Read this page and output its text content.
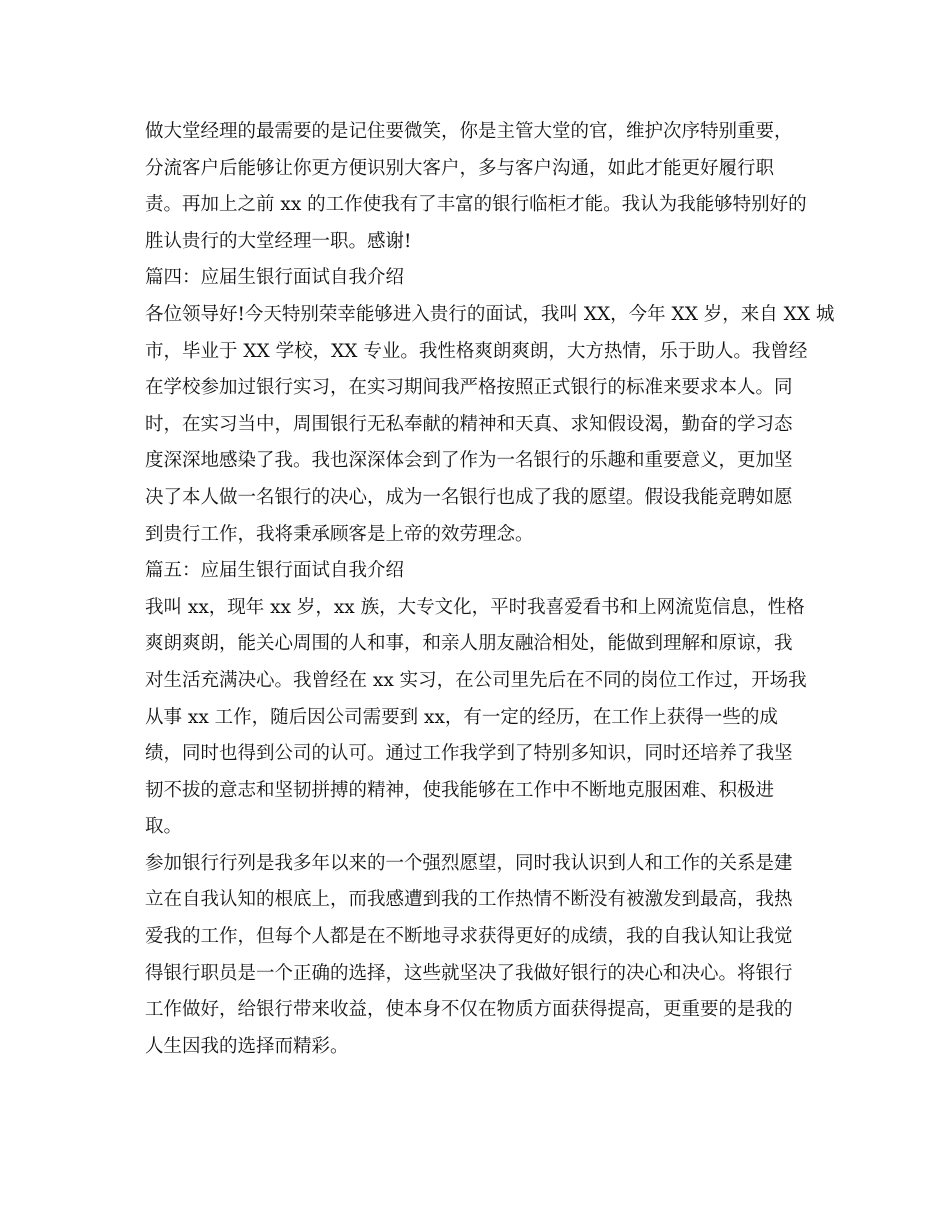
做大堂经理的最需要的是记住要微笑，你是主管大堂的官，维护次序特别重要，
分流客户后能够让你更方便识别大客户，多与客户沟通，如此才能更好履行职
责。再加上之前 xx 的工作使我有了丰富的银行临柜才能。我认为我能够特别好的
胜认贵行的大堂经理一职。感谢!
篇四：应届生银行面试自我介绍
各位领导好!今天特别荣幸能够进入贵行的面试，我叫 XX，今年 XX 岁，来自 XX 城
市，毕业于 XX 学校，XX 专业。我性格爽朗爽朗，大方热情，乐于助人。我曾经
在学校参加过银行实习，在实习期间我严格按照正式银行的标准来要求本人。同
时，在实习当中，周围银行无私奉献的精神和天真、求知假设渴，勤奋的学习态
度深深地感染了我。我也深深体会到了作为一名银行的乐趣和重要意义，更加坚
决了本人做一名银行的决心，成为一名银行也成了我的愿望。假设我能竞聘如愿
到贵行工作，我将秉承顾客是上帝的效劳理念。
篇五：应届生银行面试自我介绍
我叫 xx，现年 xx 岁，xx 族，大专文化，平时我喜爱看书和上网流览信息，性格
爽朗爽朗，能关心周围的人和事，和亲人朋友融洽相处，能做到理解和原谅，我
对生活充满决心。我曾经在 xx 实习，在公司里先后在不同的岗位工作过，开场我
从事 xx 工作，随后因公司需要到 xx，有一定的经历，在工作上获得一些的成
绩，同时也得到公司的认可。通过工作我学到了特别多知识，同时还培养了我坚
韧不拔的意志和坚韧拼搏的精神，使我能够在工作中不断地克服困难、积极进
取。
参加银行行列是我多年以来的一个强烈愿望，同时我认识到人和工作的关系是建
立在自我认知的根底上，而我感遭到我的工作热情不断没有被激发到最高，我热
爱我的工作，但每个人都是在不断地寻求获得更好的成绩，我的自我认知让我觉
得银行职员是一个正确的选择，这些就坚决了我做好银行的决心和决心。将银行
工作做好，给银行带来收益，使本身不仅在物质方面获得提高，更重要的是我的
人生因我的选择而精彩。
